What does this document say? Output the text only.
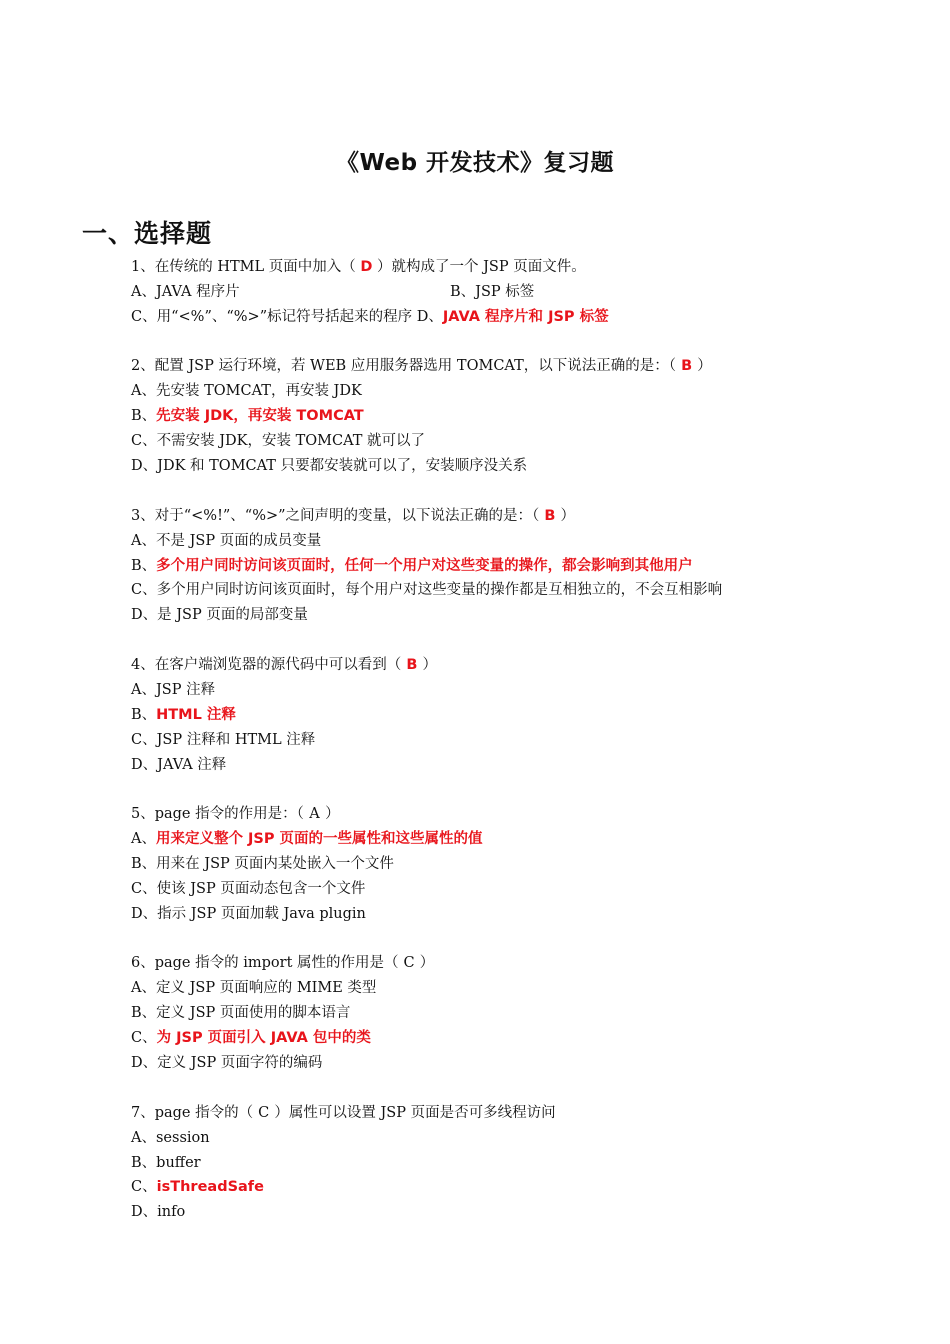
《Web 开发技术》复习题
一、选择题
1、在传统的 HTML 页面中加入（ D ）就构成了一个 JSP 页面文件。
A、JAVA 程序片	B、JSP 标签
C、用“<%”、“%>”标记符号括起来的程序 D、JAVA 程序片和 JSP 标签
2、配置 JSP 运行环境，若 WEB 应用服务器选用 TOMCAT，以下说法正确的是：（ B ）
A、先安装 TOMCAT，再安装 JDK
B、先安装 JDK，再安装 TOMCAT
C、不需安装 JDK，安装 TOMCAT 就可以了
D、JDK 和 TOMCAT 只要都安装就可以了，安装顺序没关系
3、对于“<%!”、“%>”之间声明的变量，以下说法正确的是：（ B ）
A、不是 JSP 页面的成员变量
B、多个用户同时访问该页面时，任何一个用户对这些变量的操作，都会影响到其他用户
C、多个用户同时访问该页面时，每个用户对这些变量的操作都是互相独立的，不会互相影响
D、是 JSP 页面的局部变量
4、在客户端浏览器的源代码中可以看到（ B ）
A、JSP 注释
B、HTML 注释
C、JSP 注释和 HTML 注释
D、JAVA 注释
5、page 指令的作用是：（ A ）
A、用来定义整个 JSP 页面的一些属性和这些属性的值
B、用来在 JSP 页面内某处嵌入一个文件
C、使该 JSP 页面动态包含一个文件
D、指示 JSP 页面加载 Java plugin
6、page 指令的 import 属性的作用是（ C ）
A、定义 JSP 页面响应的 MIME 类型
B、定义 JSP 页面使用的脚本语言
C、为 JSP 页面引入 JAVA 包中的类
D、定义 JSP 页面字符的编码
7、page 指令的（ C ）属性可以设置 JSP 页面是否可多线程访问
A、session
B、buffer
C、isThreadSafe
D、info
